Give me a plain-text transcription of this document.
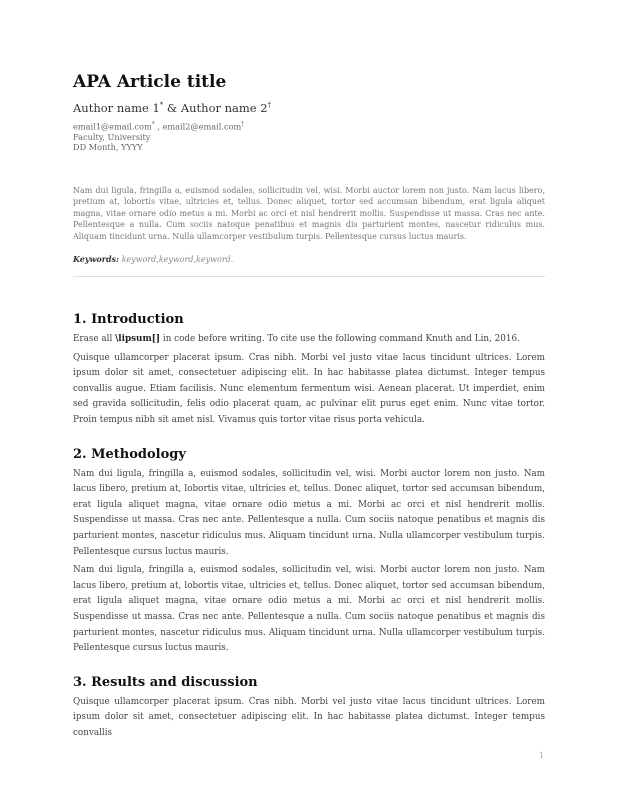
APA Article title
Author name 1* & Author name 2†
email1@email.com* , email2@email.com†
Faculty, University
DD Month, YYYY

Nam dui ligula, fringilla a, euismod sodales, sollicitudin vel, wisi. Morbi auctor lorem non justo. Nam lacus libero, pretium at, lobortis vitae, ultricies et, tellus. Donec aliquet, tortor sed accumsan bibendum, erat ligula aliquet magna, vitae ornare odio metus a mi. Morbi ac orci et nisl hendrerit mollis. Suspendisse ut massa. Cras nec ante. Pellentesque a nulla. Cum sociis natoque penatibus et magnis dis parturient montes, nascetur ridiculus mus. Aliquam tincidunt urna. Nulla ullamcorper vestibulum turpis. Pellentesque cursus luctus mauris.

Keywords: keyword,keyword,keyword.
1. Introduction

Erase all \lipsum[] in code before writing. To cite use the following command Knuth and Lin, 2016.

Quisque ullamcorper placerat ipsum. Cras nibh. Morbi vel justo vitae lacus tincidunt ultrices. Lorem ipsum dolor sit amet, consectetuer adipiscing elit. In hac habitasse platea dictumst. Integer tempus convallis augue. Etiam facilisis. Nunc elementum fermentum wisi. Aenean placerat. Ut imperdiet, enim sed gravida sollicitudin, felis odio placerat quam, ac pulvinar elit purus eget enim. Nunc vitae tortor. Proin tempus nibh sit amet nisl. Vivamus quis tortor vitae risus porta vehicula.

2. Methodology

Nam dui ligula, fringilla a, euismod sodales, sollicitudin vel, wisi. Morbi auctor lorem non justo. Nam lacus libero, pretium at, lobortis vitae, ultricies et, tellus. Donec aliquet, tortor sed accumsan bibendum, erat ligula aliquet magna, vitae ornare odio metus a mi. Morbi ac orci et nisl hendrerit mollis. Suspendisse ut massa. Cras nec ante. Pellentesque a nulla. Cum sociis natoque penatibus et magnis dis parturient montes, nascetur ridiculus mus. Aliquam tincidunt urna. Nulla ullamcorper vestibulum turpis. Pellentesque cursus luctus mauris.

Nam dui ligula, fringilla a, euismod sodales, sollicitudin vel, wisi. Morbi auctor lorem non justo. Nam lacus libero, pretium at, lobortis vitae, ultricies et, tellus. Donec aliquet, tortor sed accumsan bibendum, erat ligula aliquet magna, vitae ornare odio metus a mi. Morbi ac orci et nisl hendrerit mollis. Suspendisse ut massa. Cras nec ante. Pellentesque a nulla. Cum sociis natoque penatibus et magnis dis parturient montes, nascetur ridiculus mus. Aliquam tincidunt urna. Nulla ullamcorper vestibulum turpis. Pellentesque cursus luctus mauris.

3. Results and discussion

Quisque ullamcorper placerat ipsum. Cras nibh. Morbi vel justo vitae lacus tincidunt ultrices. Lorem ipsum dolor sit amet, consectetuer adipiscing elit. In hac habitasse platea dictumst. Integer tempus convallis

1
